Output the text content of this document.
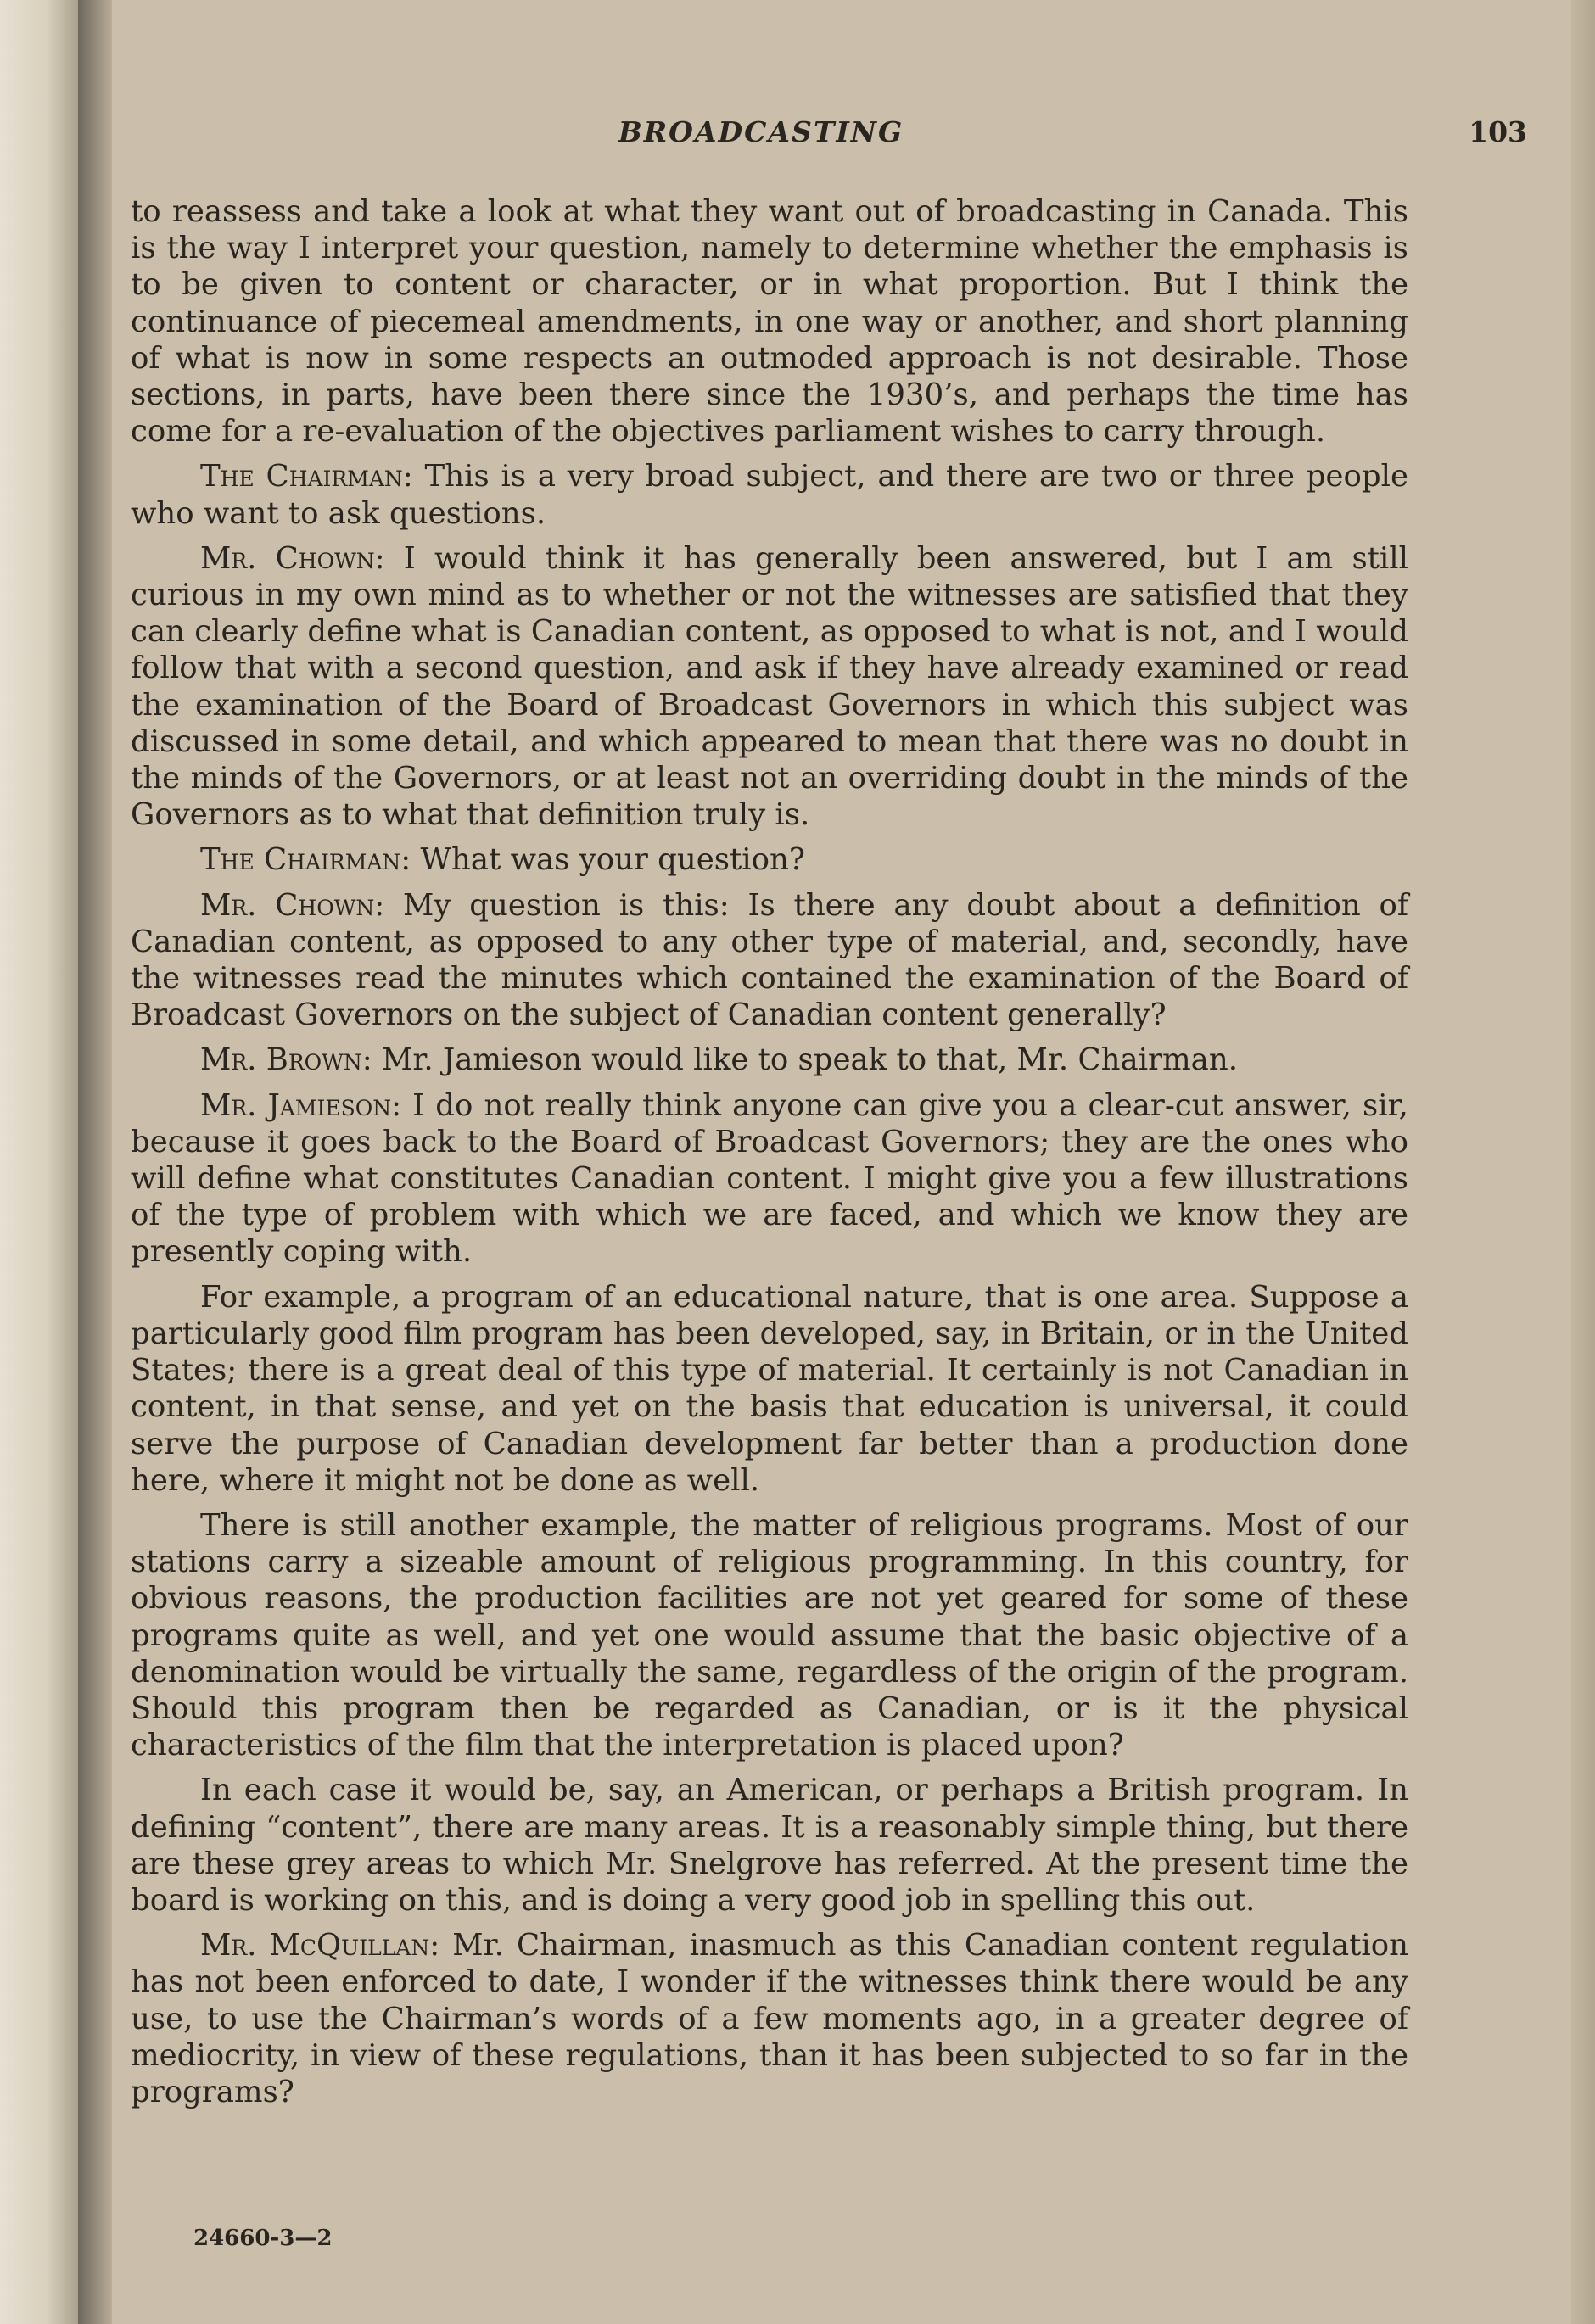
BROADCASTING	103

to reassess and take a look at what they want out of broadcasting in Canada. This is the way I interpret your question, namely to determine whether the emphasis is to be given to content or character, or in what proportion. But I think the continuance of piecemeal amendments, in one way or another, and short planning of what is now in some respects an outmoded approach is not desirable. Those sections, in parts, have been there since the 1930’s, and perhaps the time has come for a re-evaluation of the objectives parliament wishes to carry through.

The Chairman: This is a very broad subject, and there are two or three people who want to ask questions.

Mr. Chown: I would think it has generally been answered, but I am still curious in my own mind as to whether or not the witnesses are satisfied that they can clearly define what is Canadian content, as opposed to what is not, and I would follow that with a second question, and ask if they have already examined or read the examination of the Board of Broadcast Governors in which this subject was discussed in some detail, and which appeared to mean that there was no doubt in the minds of the Governors, or at least not an overriding doubt in the minds of the Governors as to what that definition truly is.

The Chairman: What was your question?

Mr. Chown: My question is this: Is there any doubt about a definition of Canadian content, as opposed to any other type of material, and, secondly, have the witnesses read the minutes which contained the examination of the Board of Broadcast Governors on the subject of Canadian content generally?

Mr. Brown: Mr. Jamieson would like to speak to that, Mr. Chairman.

Mr. Jamieson: I do not really think anyone can give you a clear-cut answer, sir, because it goes back to the Board of Broadcast Governors; they are the ones who will define what constitutes Canadian content. I might give you a few illustrations of the type of problem with which we are faced, and which we know they are presently coping with.

For example, a program of an educational nature, that is one area. Suppose a particularly good film program has been developed, say, in Britain, or in the United States; there is a great deal of this type of material. It certainly is not Canadian in content, in that sense, and yet on the basis that education is universal, it could serve the purpose of Canadian development far better than a production done here, where it might not be done as well.

There is still another example, the matter of religious programs. Most of our stations carry a sizeable amount of religious programming. In this country, for obvious reasons, the production facilities are not yet geared for some of these programs quite as well, and yet one would assume that the basic objective of a denomination would be virtually the same, regardless of the origin of the program. Should this program then be regarded as Canadian, or is it the physical characteristics of the film that the interpretation is placed upon?

In each case it would be, say, an American, or perhaps a British program. In defining “content”, there are many areas. It is a reasonably simple thing, but there are these grey areas to which Mr. Snelgrove has referred. At the present time the board is working on this, and is doing a very good job in spelling this out.

Mr. McQuillan: Mr. Chairman, inasmuch as this Canadian content regulation has not been enforced to date, I wonder if the witnesses think there would be any use, to use the Chairman’s words of a few moments ago, in a greater degree of mediocrity, in view of these regulations, than it has been subjected to so far in the programs?

24660-3—2
